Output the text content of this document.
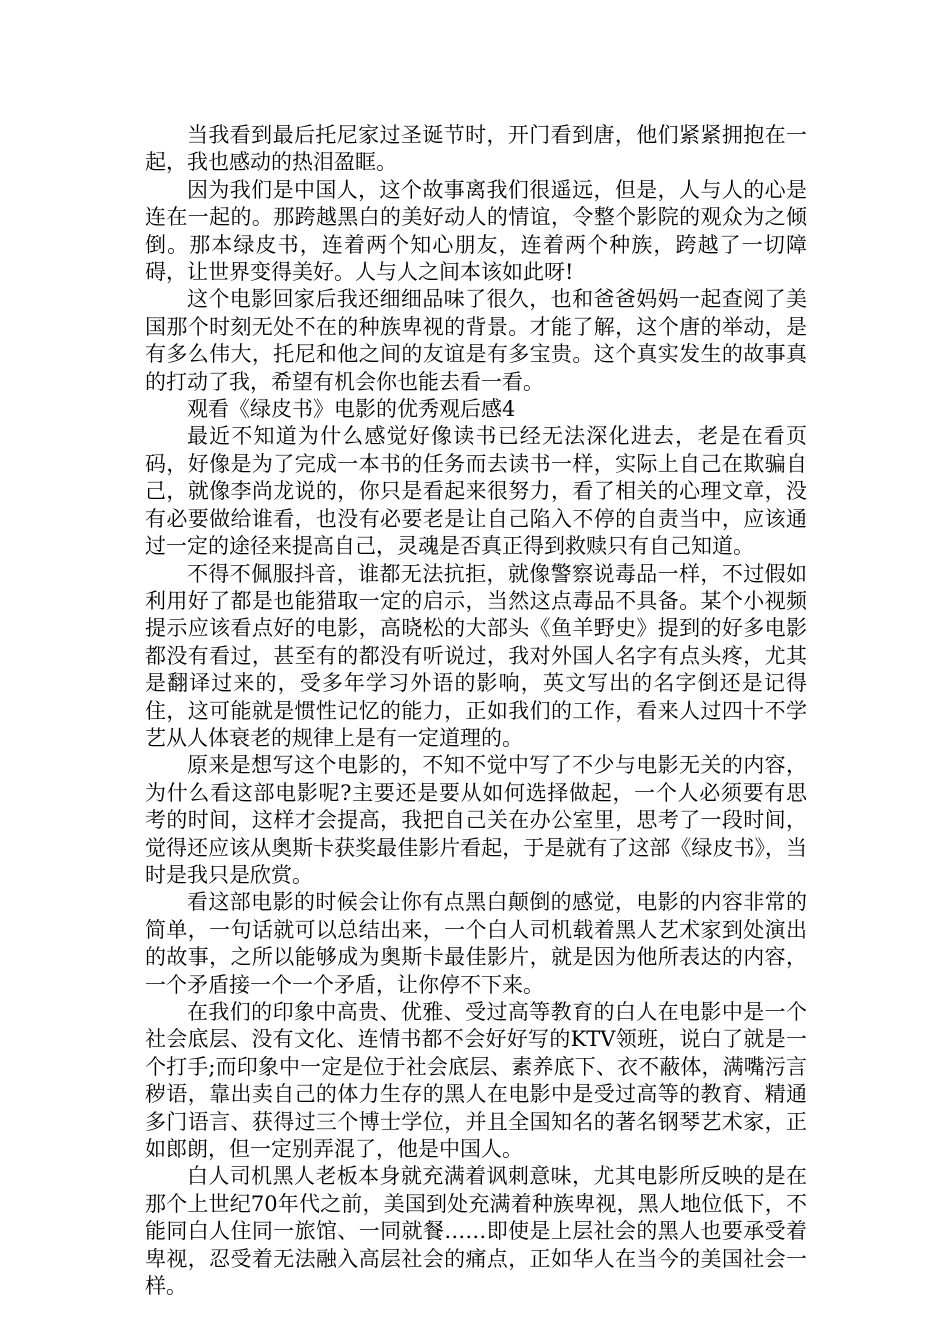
当我看到最后托尼家过圣诞节时，开门看到唐，他们紧紧拥抱在一起，我也感动的热泪盈眶。

因为我们是中国人，这个故事离我们很遥远，但是，人与人的心是连在一起的。那跨越黑白的美好动人的情谊，令整个影院的观众为之倾倒。那本绿皮书，连着两个知心朋友，连着两个种族，跨越了一切障碍，让世界变得美好。人与人之间本该如此呀!

这个电影回家后我还细细品味了很久，也和爸爸妈妈一起查阅了美国那个时刻无处不在的种族卑视的背景。才能了解，这个唐的举动，是有多么伟大，托尼和他之间的友谊是有多宝贵。这个真实发生的故事真的打动了我，希望有机会你也能去看一看。

观看《绿皮书》电影的优秀观后感4

最近不知道为什么感觉好像读书已经无法深化进去，老是在看页码，好像是为了完成一本书的任务而去读书一样，实际上自己在欺骗自己，就像李尚龙说的，你只是看起来很努力，看了相关的心理文章，没有必要做给谁看，也没有必要老是让自己陷入不停的自责当中，应该通过一定的途径来提高自己，灵魂是否真正得到救赎只有自己知道。

不得不佩服抖音，谁都无法抗拒，就像警察说毒品一样，不过假如利用好了都是也能猎取一定的启示，当然这点毒品不具备。某个小视频提示应该看点好的电影，高晓松的大部头《鱼羊野史》提到的好多电影都没有看过，甚至有的都没有听说过，我对外国人名字有点头疼，尤其是翻译过来的，受多年学习外语的影响，英文写出的名字倒还是记得住，这可能就是惯性记忆的能力，正如我们的工作，看来人过四十不学艺从人体衰老的规律上是有一定道理的。

原来是想写这个电影的，不知不觉中写了不少与电影无关的内容，为什么看这部电影呢?主要还是要从如何选择做起，一个人必须要有思考的时间，这样才会提高，我把自己关在办公室里，思考了一段时间，觉得还应该从奥斯卡获奖最佳影片看起，于是就有了这部《绿皮书》，当时是我只是欣赏。

看这部电影的时候会让你有点黑白颠倒的感觉，电影的内容非常的简单，一句话就可以总结出来，一个白人司机载着黑人艺术家到处演出的故事，之所以能够成为奥斯卡最佳影片，就是因为他所表达的内容，一个矛盾接一个一个矛盾，让你停不下来。

在我们的印象中高贵、优雅、受过高等教育的白人在电影中是一个社会底层、没有文化、连情书都不会好好写的KTV领班，说白了就是一个打手;而印象中一定是位于社会底层、素养底下、衣不蔽体，满嘴污言秽语，靠出卖自己的体力生存的黑人在电影中是受过高等的教育、精通多门语言、获得过三个博士学位，并且全国知名的著名钢琴艺术家，正如郎朗，但一定别弄混了，他是中国人。

白人司机黑人老板本身就充满着讽刺意味，尤其电影所反映的是在那个上世纪70年代之前，美国到处充满着种族卑视，黑人地位低下，不能同白人住同一旅馆、一同就餐……即使是上层社会的黑人也要承受着卑视，忍受着无法融入高层社会的痛点，正如华人在当今的美国社会一样。
